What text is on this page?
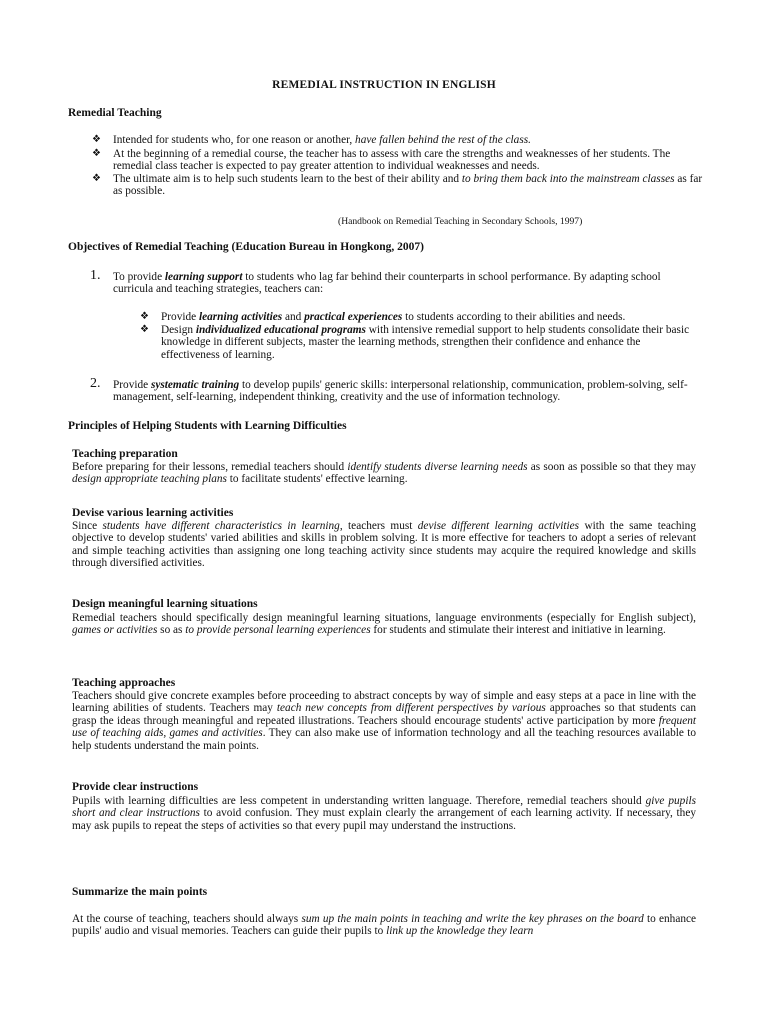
REMEDIAL INSTRUCTION IN ENGLISH
Remedial Teaching
❖ Intended for students who, for one reason or another, have fallen behind the rest of the class.
❖ At the beginning of a remedial course, the teacher has to assess with care the strengths and weaknesses of her students. The remedial class teacher is expected to pay greater attention to individual weaknesses and needs.
❖ The ultimate aim is to help such students learn to the best of their ability and to bring them back into the mainstream classes as far as possible.
(Handbook on Remedial Teaching in Secondary Schools, 1997)
Objectives of Remedial Teaching (Education Bureau in Hongkong, 2007)
1. To provide learning support to students who lag far behind their counterparts in school performance. By adapting school curricula and teaching strategies, teachers can:
❖ Provide learning activities and practical experiences to students according to their abilities and needs.
❖ Design individualized educational programs with intensive remedial support to help students consolidate their basic knowledge in different subjects, master the learning methods, strengthen their confidence and enhance the effectiveness of learning.
2. Provide systematic training to develop pupils' generic skills: interpersonal relationship, communication, problem-solving, self-management, self-learning, independent thinking, creativity and the use of information technology.
Principles of Helping Students with Learning Difficulties
Teaching preparation
Before preparing for their lessons, remedial teachers should identify students diverse learning needs as soon as possible so that they may design appropriate teaching plans to facilitate students' effective learning.
Devise various learning activities
Since students have different characteristics in learning, teachers must devise different learning activities with the same teaching objective to develop students' varied abilities and skills in problem solving. It is more effective for teachers to adopt a series of relevant and simple teaching activities than assigning one long teaching activity since students may acquire the required knowledge and skills through diversified activities.
Design meaningful learning situations
Remedial teachers should specifically design meaningful learning situations, language environments (especially for English subject), games or activities so as to provide personal learning experiences for students and stimulate their interest and initiative in learning.
Teaching approaches
Teachers should give concrete examples before proceeding to abstract concepts by way of simple and easy steps at a pace in line with the learning abilities of students. Teachers may teach new concepts from different perspectives by various approaches so that students can grasp the ideas through meaningful and repeated illustrations. Teachers should encourage students' active participation by more frequent use of teaching aids, games and activities. They can also make use of information technology and all the teaching resources available to help students understand the main points.
Provide clear instructions
Pupils with learning difficulties are less competent in understanding written language. Therefore, remedial teachers should give pupils short and clear instructions to avoid confusion. They must explain clearly the arrangement of each learning activity. If necessary, they may ask pupils to repeat the steps of activities so that every pupil may understand the instructions.
Summarize the main points
At the course of teaching, teachers should always sum up the main points in teaching and write the key phrases on the board to enhance pupils' audio and visual memories. Teachers can guide their pupils to link up the knowledge they learn
